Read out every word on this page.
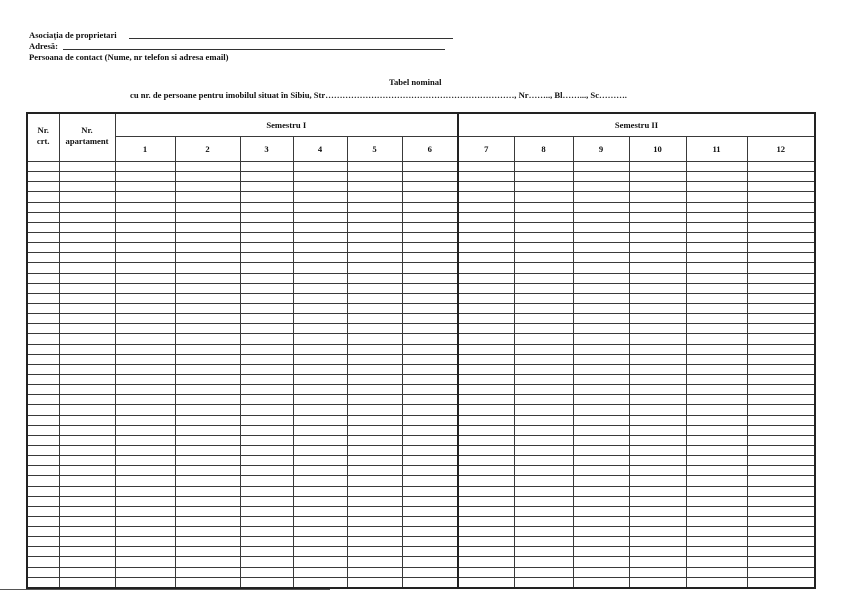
Asociația de proprietari

Adresă:

Persoana de contact (Nume, nr telefon si adresa email)

Tabel nominal

cu nr. de persoane pentru imobilul situat în Sibiu, Str…………………………………………………………, Nr…….., Bl……..., Sc……….

Nr.
crt.	Nr.
apartament	Semestru I						Semestru II					
		1	2	3	4	5	6	7	8	9	10	11	12
